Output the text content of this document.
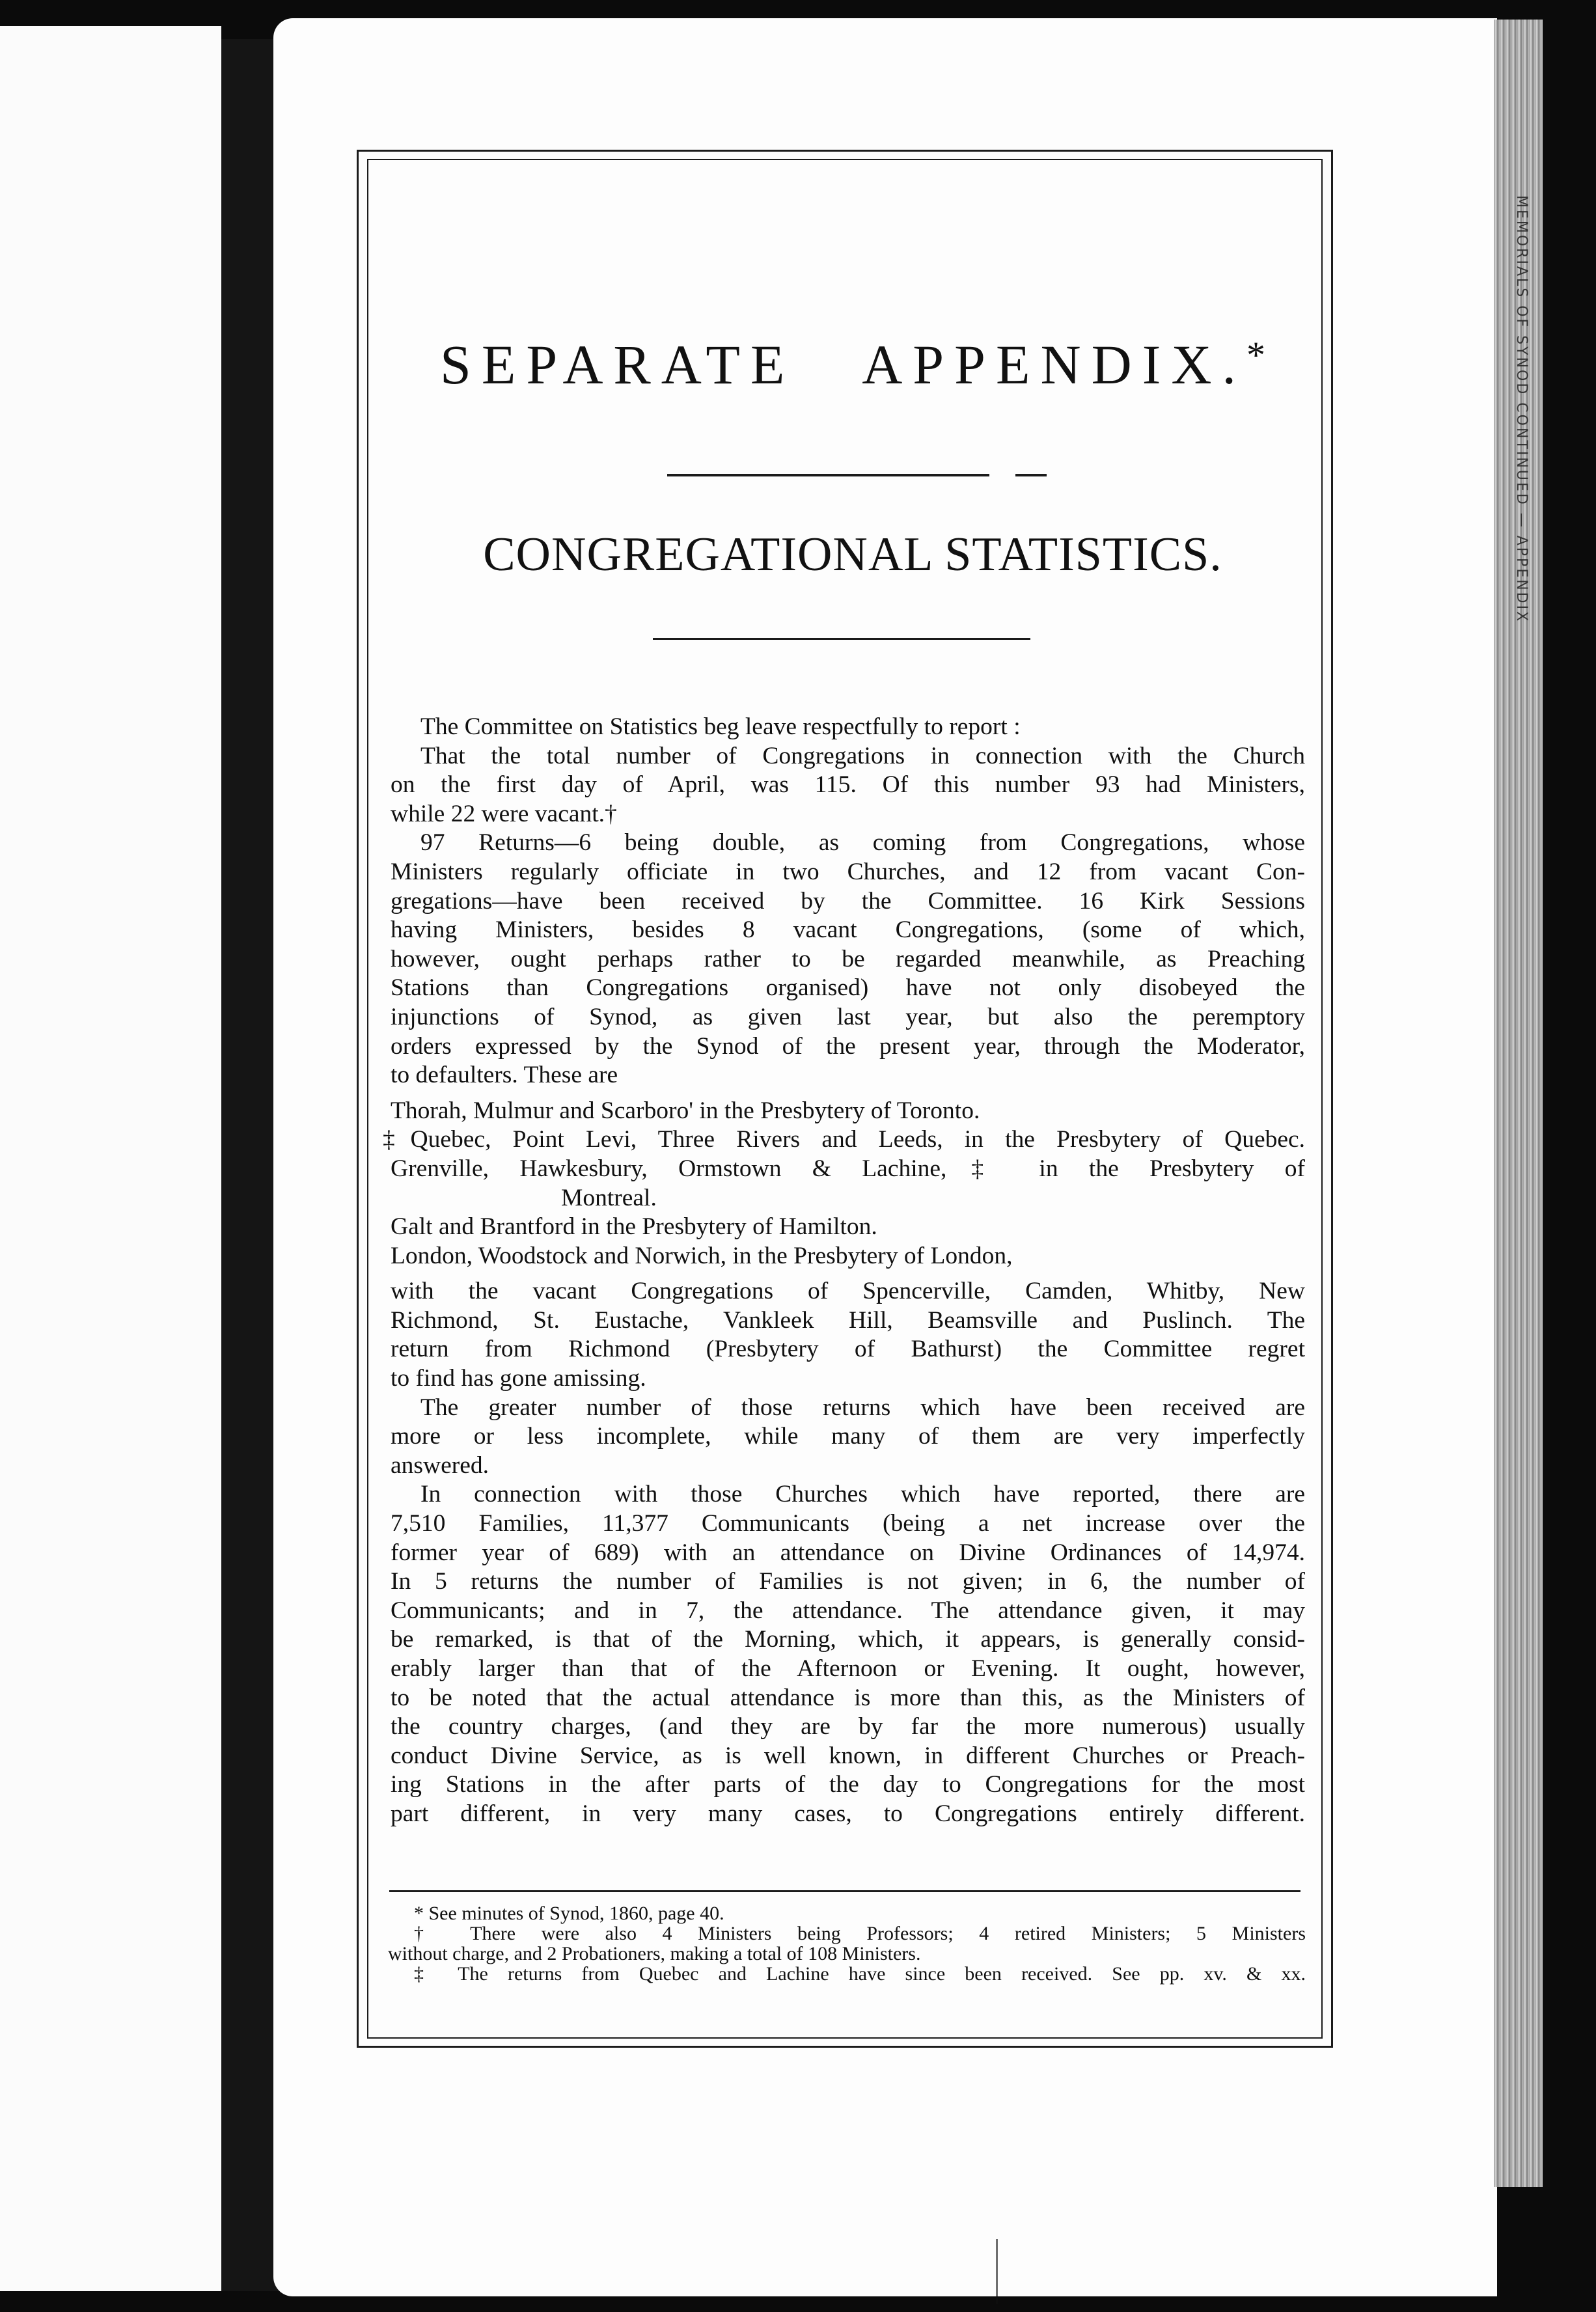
MEMORIALS OF SYNOD CONTINUED — APPENDIX
SEPARATE APPENDIX.*
CONGREGATIONAL STATISTICS.
The Committee on Statistics beg leave respectfully to report :
That the total number of Congregations in connection with the Church
on the first day of April, was 115. Of this number 93 had Ministers,
while 22 were vacant.†
97 Returns—6 being double, as coming from Congregations, whose
Ministers regularly officiate in two Churches, and 12 from vacant Con-
gregations—have been received by the Committee. 16 Kirk Sessions
having Ministers, besides 8 vacant Congregations, (some of which,
however, ought perhaps rather to be regarded meanwhile, as Preaching
Stations than Congregations organised) have not only disobeyed the
injunctions of Synod, as given last year, but also the peremptory
orders expressed by the Synod of the present year, through the Moderator,
to defaulters. These are
Thorah, Mulmur and Scarboro' in the Presbytery of Toronto.
‡Quebec, Point Levi, Three Rivers and Leeds, in the Presbytery of Quebec.
Grenville, Hawkesbury, Ormstown & Lachine,‡ in the Presbytery of
Montreal.
Galt and Brantford in the Presbytery of Hamilton.
London, Woodstock and Norwich, in the Presbytery of London,
with the vacant Congregations of Spencerville, Camden, Whitby, New
Richmond, St. Eustache, Vankleek Hill, Beamsville and Puslinch. The
return from Richmond (Presbytery of Bathurst) the Committee regret
to find has gone amissing.
The greater number of those returns which have been received are
more or less incomplete, while many of them are very imperfectly
answered.
In connection with those Churches which have reported, there are
7,510 Families, 11,377 Communicants (being a net increase over the
former year of 689) with an attendance on Divine Ordinances of 14,974.
In 5 returns the number of Families is not given; in 6, the number of
Communicants; and in 7, the attendance. The attendance given, it may
be remarked, is that of the Morning, which, it appears, is generally consid-
erably larger than that of the Afternoon or Evening. It ought, however,
to be noted that the actual attendance is more than this, as the Ministers of
the country charges, (and they are by far the more numerous) usually
conduct Divine Service, as is well known, in different Churches or Preach-
ing Stations in the after parts of the day to Congregations for the most
part different, in very many cases, to Congregations entirely different.
* See minutes of Synod, 1860, page 40.
† There were also 4 Ministers being Professors; 4 retired Ministers; 5 Ministers
without charge, and 2 Probationers, making a total of 108 Ministers.
‡ The returns from Quebec and Lachine have since been received. See pp. xv. & xx.
